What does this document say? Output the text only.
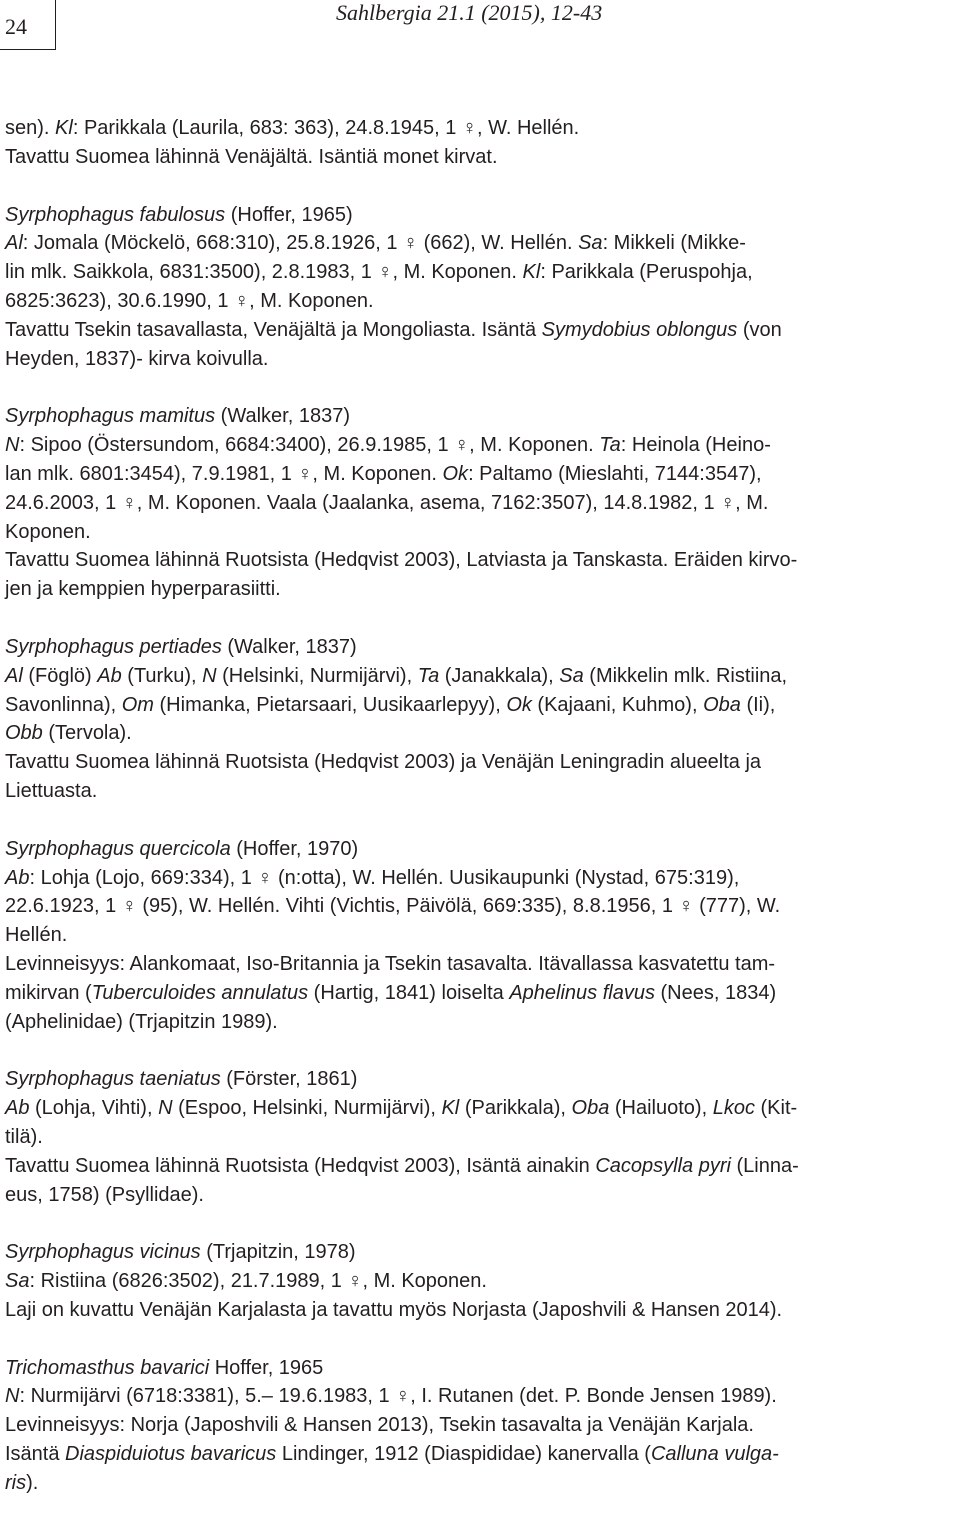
24
Sahlbergia 21.1 (2015), 12-43
sen). Kl: Parikkala (Laurila, 683: 363), 24.8.1945, 1 ♀, W. Hellén.
Tavattu Suomea lähinnä Venäjältä. Isäntiä monet kirvat.
Syrphophagus fabulosus (Hoffer, 1965)
Al: Jomala (Möckelö, 668:310), 25.8.1926, 1 ♀ (662), W. Hellén. Sa: Mikkeli (Mikke-
lin mlk. Saikkola, 6831:3500), 2.8.1983, 1 ♀, M. Koponen. Kl: Parikkala (Peruspohja,
6825:3623), 30.6.1990, 1 ♀, M. Koponen.
Tavattu Tsekin tasavallasta, Venäjältä ja Mongoliasta. Isäntä Symydobius oblongus (von
Heyden, 1837)- kirva koivulla.
Syrphophagus mamitus (Walker, 1837)
N: Sipoo (Östersundom, 6684:3400), 26.9.1985, 1 ♀, M. Koponen. Ta: Heinola (Heino-
lan mlk. 6801:3454), 7.9.1981, 1 ♀, M. Koponen. Ok: Paltamo (Mieslahti, 7144:3547),
24.6.2003, 1 ♀, M. Koponen. Vaala (Jaalanka, asema, 7162:3507), 14.8.1982, 1 ♀, M.
Koponen.
Tavattu Suomea lähinnä Ruotsista (Hedqvist 2003), Latviasta ja Tanskasta. Eräiden kirvo-
jen ja kemppien hyperparasiitti.
Syrphophagus pertiades (Walker, 1837)
Al (Föglö) Ab (Turku), N (Helsinki, Nurmijärvi), Ta (Janakkala), Sa (Mikkelin mlk. Ristiina,
Savonlinna), Om (Himanka, Pietarsaari, Uusikaarlepyy), Ok (Kajaani, Kuhmo), Oba (Ii),
Obb (Tervola).
Tavattu Suomea lähinnä Ruotsista (Hedqvist 2003) ja Venäjän Leningradin alueelta ja
Liettuasta.
Syrphophagus quercicola (Hoffer, 1970)
Ab: Lohja (Lojo, 669:334), 1 ♀ (n:otta), W. Hellén. Uusikaupunki (Nystad, 675:319),
22.6.1923, 1 ♀ (95), W. Hellén. Vihti (Vichtis, Päivölä, 669:335), 8.8.1956, 1 ♀ (777), W.
Hellén.
Levinneisyys: Alankomaat, Iso-Britannia ja Tsekin tasavalta. Itävallassa kasvatettu tam-
mikirvan (Tuberculoides annulatus (Hartig, 1841) loiselta Aphelinus flavus (Nees, 1834)
(Aphelinidae) (Trjapitzin 1989).
Syrphophagus taeniatus (Förster, 1861)
Ab (Lohja, Vihti), N (Espoo, Helsinki, Nurmijärvi), Kl (Parikkala), Oba (Hailuoto), Lkoc (Kit-
tilä).
Tavattu Suomea lähinnä Ruotsista (Hedqvist 2003), Isäntä ainakin Cacopsylla pyri (Linna-
eus, 1758) (Psyllidae).
Syrphophagus vicinus (Trjapitzin, 1978)
Sa: Ristiina (6826:3502), 21.7.1989, 1 ♀, M. Koponen.
Laji on kuvattu Venäjän Karjalasta ja tavattu myös Norjasta (Japoshvili & Hansen 2014).
Trichomasthus bavarici Hoffer, 1965
N: Nurmijärvi (6718:3381), 5.– 19.6.1983, 1 ♀, I. Rutanen (det. P. Bonde Jensen 1989).
Levinneisyys: Norja (Japoshvili & Hansen 2013), Tsekin tasavalta ja Venäjän Karjala.
Isäntä Diaspiduiotus bavaricus Lindinger, 1912 (Diaspididae) kanervalla (Calluna vulga-
ris).
